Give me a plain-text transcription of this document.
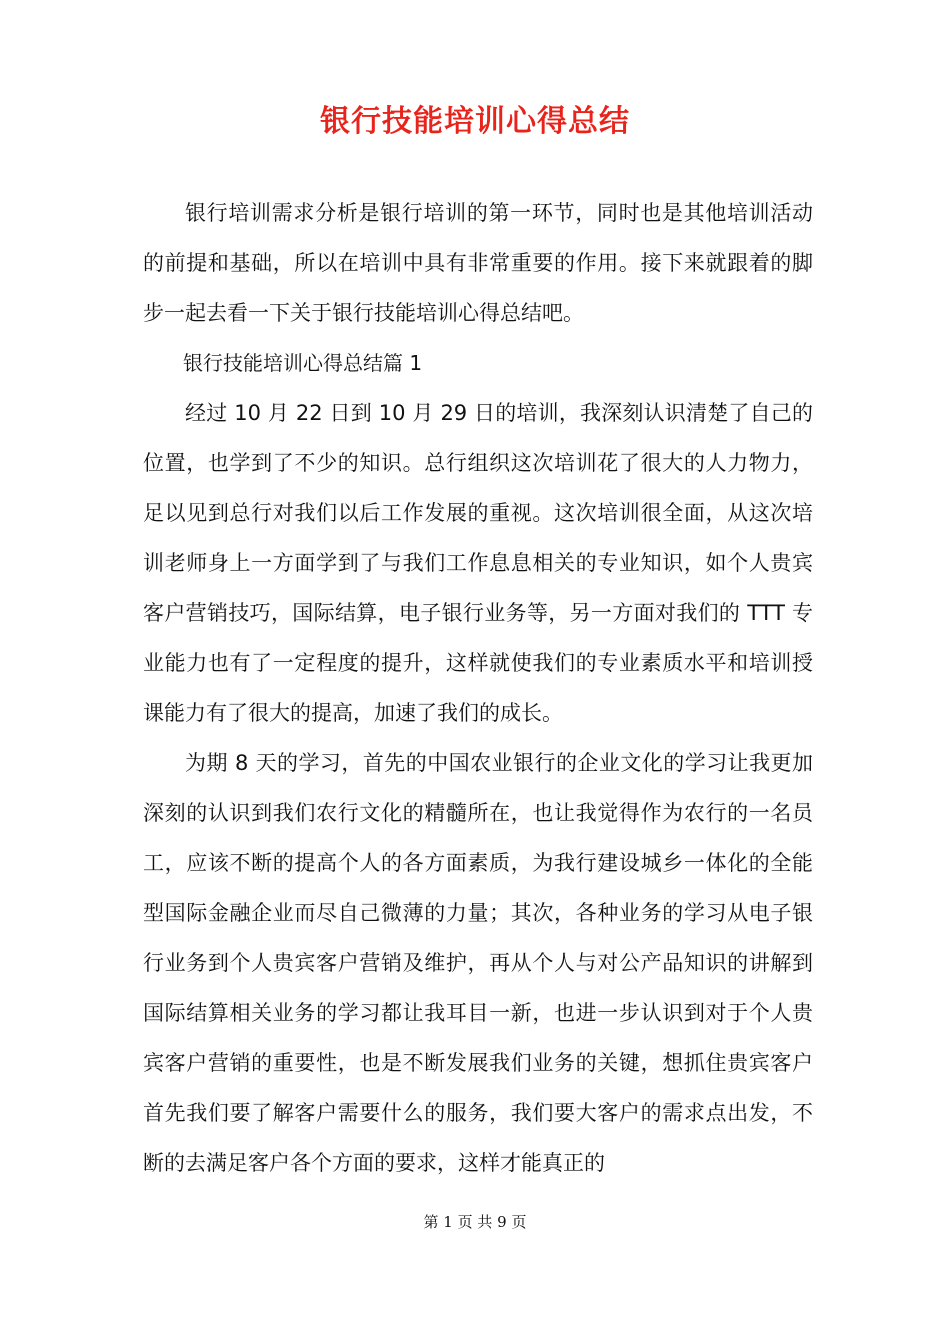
银行技能培训心得总结

银行培训需求分析是银行培训的第一环节，同时也是其他培训活动的前提和基础，所以在培训中具有非常重要的作用。接下来就跟着的脚步一起去看一下关于银行技能培训心得总结吧。

银行技能培训心得总结篇 1

经过 10 月 22 日到 10 月 29 日的培训，我深刻认识清楚了自己的位置，也学到了不少的知识。总行组织这次培训花了很大的人力物力，足以见到总行对我们以后工作发展的重视。这次培训很全面，从这次培训老师身上一方面学到了与我们工作息息相关的专业知识，如个人贵宾客户营销技巧，国际结算，电子银行业务等，另一方面对我们的 TTT 专业能力也有了一定程度的提升，这样就使我们的专业素质水平和培训授课能力有了很大的提高，加速了我们的成长。

为期 8 天的学习，首先的中国农业银行的企业文化的学习让我更加深刻的认识到我们农行文化的精髓所在，也让我觉得作为农行的一名员工，应该不断的提高个人的各方面素质，为我行建设城乡一体化的全能型国际金融企业而尽自己微薄的力量；其次，各种业务的学习从电子银行业务到个人贵宾客户营销及维护，再从个人与对公产品知识的讲解到国际结算相关业务的学习都让我耳目一新，也进一步认识到对于个人贵宾客户营销的重要性，也是不断发展我们业务的关键，想抓住贵宾客户首先我们要了解客户需要什么的服务，我们要大客户的需求点出发，不断的去满足客户各个方面的要求，这样才能真正的

第 1 页 共 9 页
